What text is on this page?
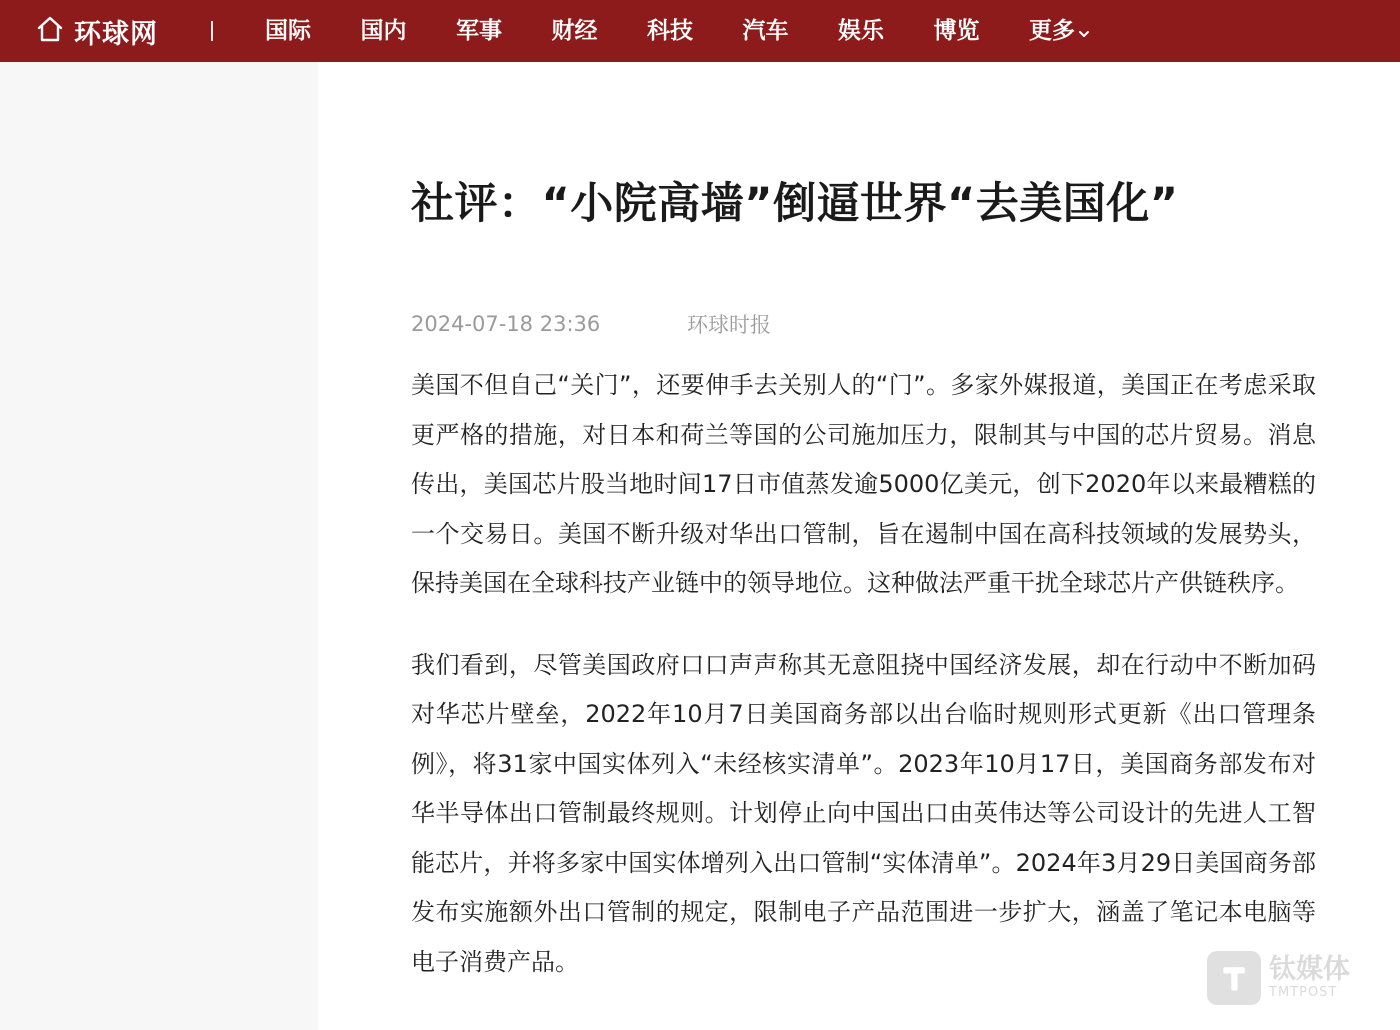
环球网	国际	国内	军事	财经	科技	汽车	娱乐	博览	更多
社评：“小院高墙”倒逼世界“去美国化”
2024-07-18 23:36	环球时报

美国不但自己“关门”，还要伸手去关别人的“门”。多家外媒报道，美国正在考虑采取更严格的措施，对日本和荷兰等国的公司施加压力，限制其与中国的芯片贸易。消息传出，美国芯片股当地时间17日市值蒸发逾5000亿美元，创下2020年以来最糟糕的一个交易日。美国不断升级对华出口管制，旨在遏制中国在高科技领域的发展势头，保持美国在全球科技产业链中的领导地位。这种做法严重干扰全球芯片产供链秩序。

我们看到，尽管美国政府口口声声称其无意阻挠中国经济发展，却在行动中不断加码对华芯片壁垒，2022年10月7日美国商务部以出台临时规则形式更新《出口管理条例》，将31家中国实体列入“未经核实清单”。2023年10月17日，美国商务部发布对华半导体出口管制最终规则。计划停止向中国出口由英伟达等公司设计的先进人工智能芯片，并将多家中国实体增列入出口管制“实体清单”。2024年3月29日美国商务部发布实施额外出口管制的规定，限制电子产品范围进一步扩大，涵盖了笔记本电脑等电子消费产品。	钛媒体
TMTPOST
